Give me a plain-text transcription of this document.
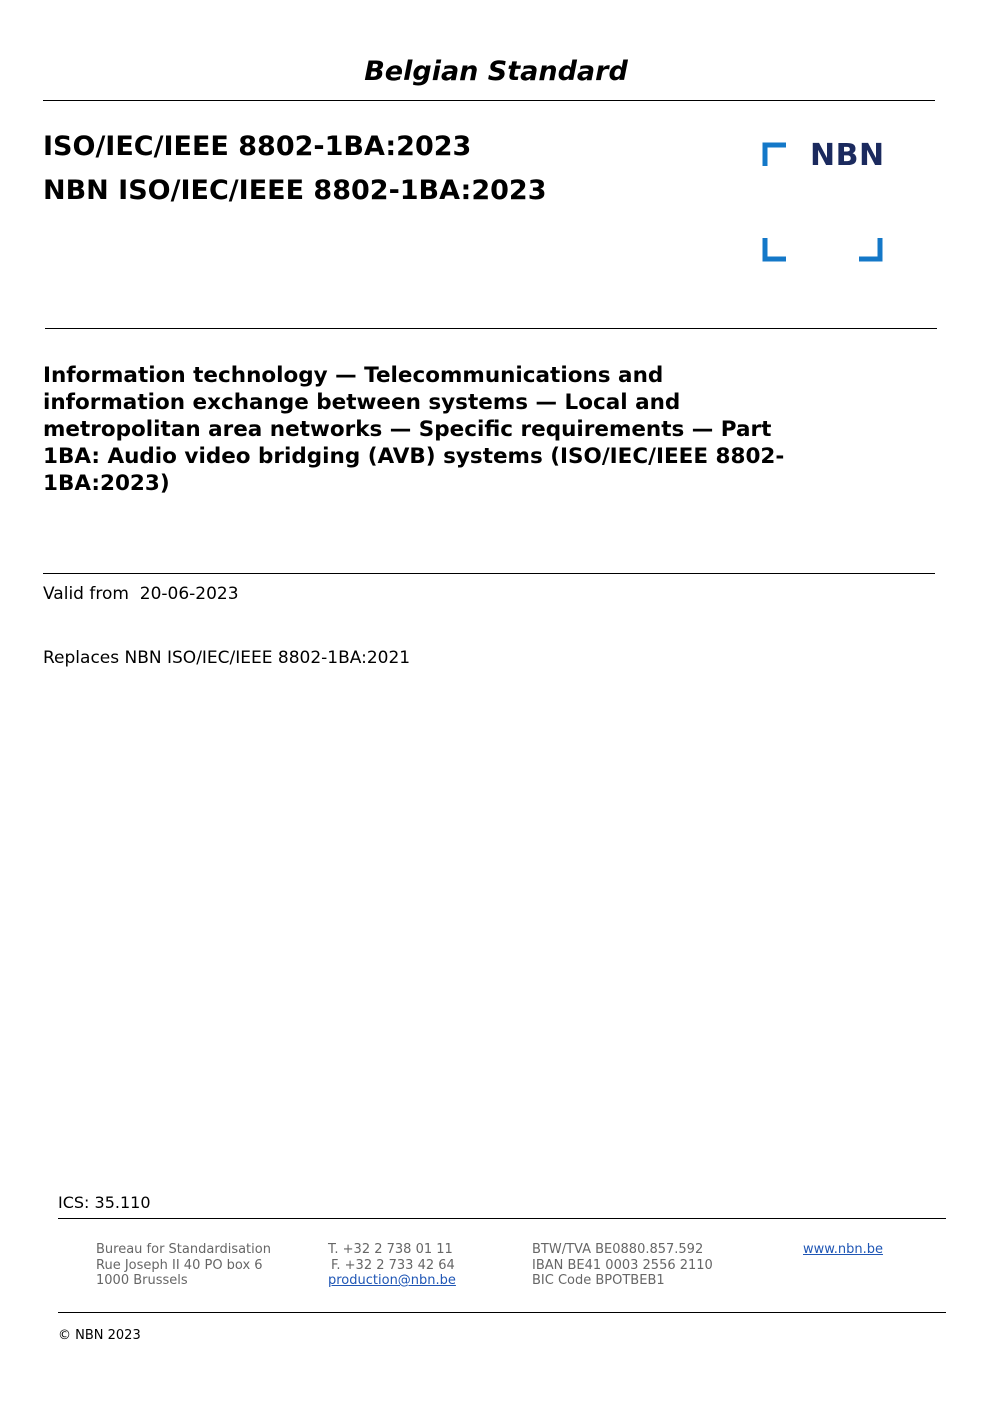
Belgian Standard
ISO/IEC/IEEE 8802-1BA:2023
NBN ISO/IEC/IEEE 8802-1BA:2023
NBN
Information technology — Telecommunications and
information exchange between systems — Local and
metropolitan area networks — Specific requirements — Part
1BA: Audio video bridging (AVB) systems (ISO/IEC/IEEE 8802-
1BA:2023)
Valid from 20-06-2023
Replaces NBN ISO/IEC/IEEE 8802-1BA:2021
ICS: 35.110
Bureau for Standardisation
Rue Joseph II 40 PO box 6
1000 Brussels
T. +32 2 738 01 11
F. +32 2 733 42 64
production@nbn.be
BTW/TVA BE0880.857.592
IBAN BE41 0003 2556 2110
BIC Code BPOTBEB1
www.nbn.be
© NBN 2023
